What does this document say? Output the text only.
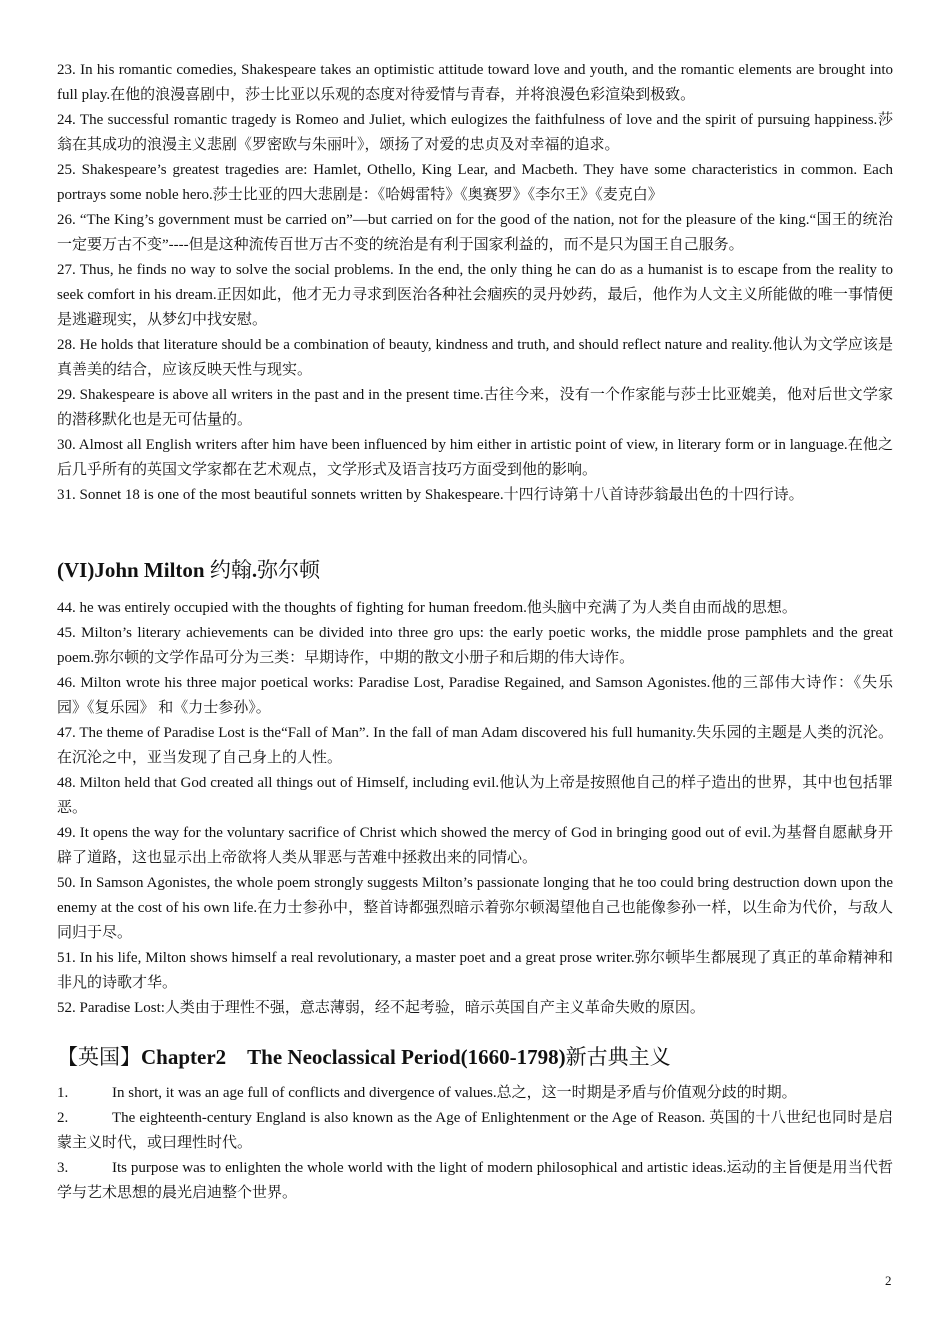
23. In his romantic comedies, Shakespeare takes an optimistic attitude toward love and youth, and the romantic elements are brought into full play.在他的浪漫喜剧中，莎士比亚以乐观的态度对待爱情与青春，并将浪漫色彩渲染到极致。

24. The successful romantic tragedy is Romeo and Juliet, which eulogizes the faithfulness of love and the spirit of pursuing happiness.莎翁在其成功的浪漫主义悲剧《罗密欧与朱丽叶》，颂扬了对爱的忠贞及对幸福的追求。

25. Shakespeare’s greatest tragedies are: Hamlet, Othello, King Lear, and Macbeth. They have some characteristics in common. Each portrays some noble hero.莎士比亚的四大悲剧是：《哈姆雷特》《奥赛罗》《李尔王》《麦克白》

26. “The King’s government must be carried on”—but carried on for the good of the nation, not for the pleasure of the king.“国王的统治一定要万古不变”----但是这种流传百世万古不变的统治是有利于国家利益的，而不是只为国王自己服务。

27. Thus, he finds no way to solve the social problems. In the end, the only thing he can do as a humanist is to escape from the reality to seek comfort in his dream.正因如此，他才无力寻求到医治各种社会痼疾的灵丹妙药，最后，他作为人文主义所能做的唯一事情便是逃避现实，从梦幻中找安慰。

28. He holds that literature should be a combination of beauty, kindness and truth, and should reflect nature and reality.他认为文学应该是真善美的结合，应该反映天性与现实。

29. Shakespeare is above all writers in the past and in the present time.古往今来，没有一个作家能与莎士比亚媲美，他对后世文学家的潜移默化也是无可估量的。

30. Almost all English writers after him have been influenced by him either in artistic point of view, in literary form or in language.在他之后几乎所有的英国文学家都在艺术观点，文学形式及语言技巧方面受到他的影响。

31. Sonnet 18 is one of the most beautiful sonnets written by Shakespeare.十四行诗第十八首诗莎翁最出色的十四行诗。

(VI)John Milton 约翰.弥尔顿

44. he was entirely occupied with the thoughts of fighting for human freedom.他头脑中充满了为人类自由而战的思想。

45. Milton’s literary achievements can be divided into three gro ups: the early poetic works, the middle prose pamphlets and the great poem.弥尔顿的文学作品可分为三类：早期诗作，中期的散文小册子和后期的伟大诗作。

46. Milton wrote his three major poetical works: Paradise Lost, Paradise Regained, and Samson Agonistes.他的三部伟大诗作：《失乐园》《复乐园》 和《力士参孙》。

47. The theme of Paradise Lost is the“Fall of Man”. In the fall of man Adam discovered his full humanity.失乐园的主题是人类的沉沦。在沉沦之中，亚当发现了自己身上的人性。

48. Milton held that God created all things out of Himself, including evil.他认为上帝是按照他自己的样子造出的世界，其中也包括罪恶。

49. It opens the way for the voluntary sacrifice of Christ which showed the mercy of God in bringing good out of evil.为基督自愿献身开辟了道路，这也显示出上帝欲将人类从罪恶与苦难中拯救出来的同情心。

50. In Samson Agonistes, the whole poem strongly suggests Milton’s passionate longing that he too could bring destruction down upon the enemy at the cost of his own life.在力士参孙中，整首诗都强烈暗示着弥尔顿渴望他自己也能像参孙一样，以生命为代价，与敌人同归于尽。

51. In his life, Milton shows himself a real revolutionary, a master poet and a great prose writer.弥尔顿毕生都展现了真正的革命精神和非凡的诗歌才华。

52. Paradise Lost:人类由于理性不强，意志薄弱，经不起考验，暗示英国自产主义革命失败的原因。

【英国】Chapter2　The Neoclassical Period(1660-1798)新古典主义

1.	In short, it was an age full of conflicts and divergence of values.总之，这一时期是矛盾与价值观分歧的时期。

2.	The eighteenth-century England is also known as the Age of Enlightenment or the Age of Reason. 英国的十八世纪也同时是启蒙主义时代，或曰理性时代。

3.	Its purpose was to enlighten the whole world with the light of modern philosophical and artistic ideas.运动的主旨便是用当代哲学与艺术思想的晨光启迪整个世界。

2
